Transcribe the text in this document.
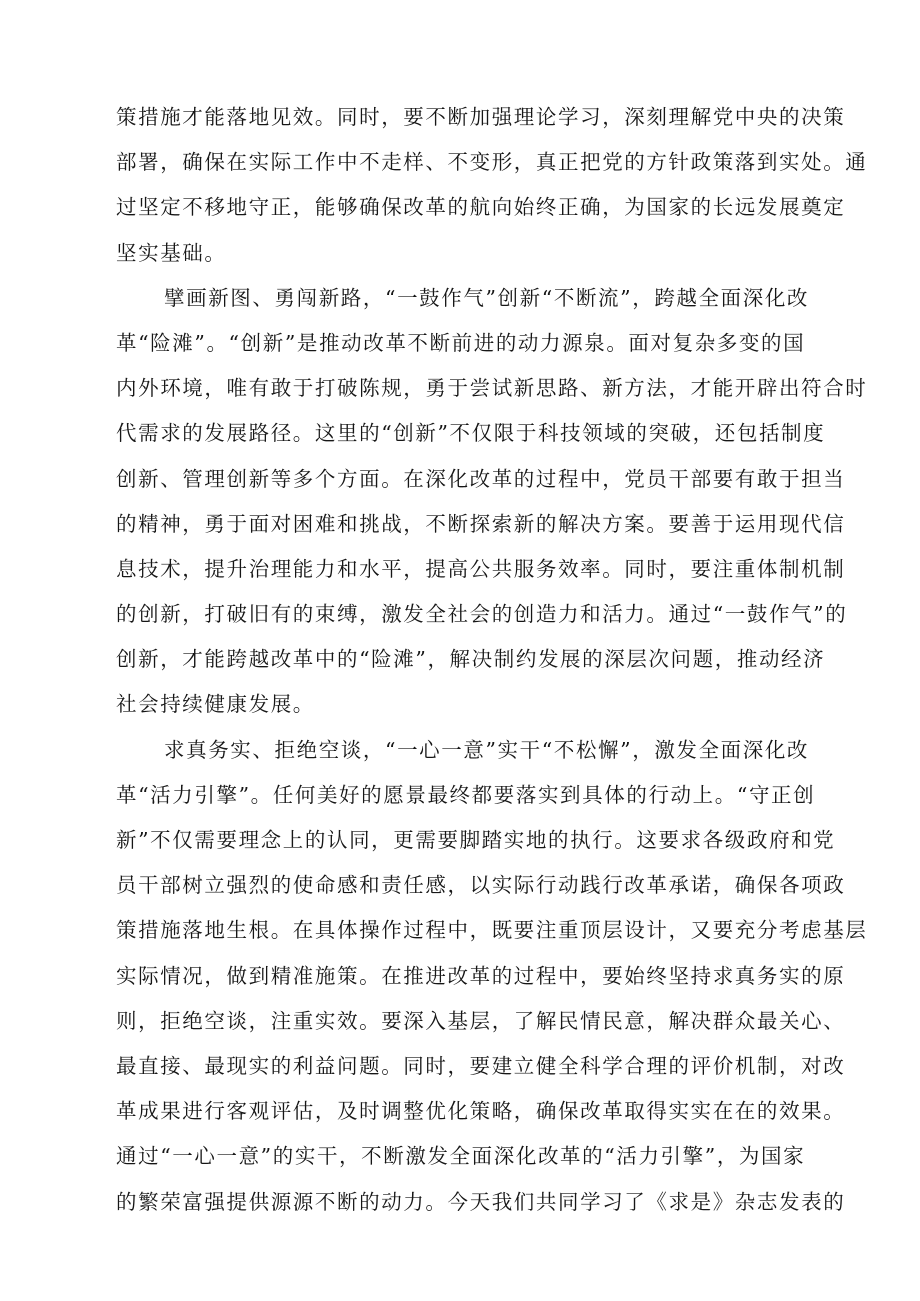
策措施才能落地见效。同时，要不断加强理论学习，深刻理解党中央的决策
部署，确保在实际工作中不走样、不变形，真正把党的方针政策落到实处。通
过坚定不移地守正，能够确保改革的航向始终正确，为国家的长远发展奠定
坚实基础。
擘画新图、勇闯新路，“一鼓作气”创新“不断流”，跨越全面深化改
革“险滩”。“创新”是推动改革不断前进的动力源泉。面对复杂多变的国
内外环境，唯有敢于打破陈规，勇于尝试新思路、新方法，才能开辟出符合时
代需求的发展路径。这里的“创新”不仅限于科技领域的突破，还包括制度
创新、管理创新等多个方面。在深化改革的过程中，党员干部要有敢于担当
的精神，勇于面对困难和挑战，不断探索新的解决方案。要善于运用现代信
息技术，提升治理能力和水平，提高公共服务效率。同时，要注重体制机制
的创新，打破旧有的束缚，激发全社会的创造力和活力。通过“一鼓作气”的
创新，才能跨越改革中的“险滩”，解决制约发展的深层次问题，推动经济
社会持续健康发展。
求真务实、拒绝空谈，“一心一意”实干“不松懈”，激发全面深化改
革“活力引擎”。任何美好的愿景最终都要落实到具体的行动上。“守正创
新”不仅需要理念上的认同，更需要脚踏实地的执行。这要求各级政府和党
员干部树立强烈的使命感和责任感，以实际行动践行改革承诺，确保各项政
策措施落地生根。在具体操作过程中，既要注重顶层设计，又要充分考虑基层
实际情况，做到精准施策。在推进改革的过程中，要始终坚持求真务实的原
则，拒绝空谈，注重实效。要深入基层，了解民情民意，解决群众最关心、
最直接、最现实的利益问题。同时，要建立健全科学合理的评价机制，对改
革成果进行客观评估，及时调整优化策略，确保改革取得实实在在的效果。
通过“一心一意”的实干，不断激发全面深化改革的“活力引擎”，为国家
的繁荣富强提供源源不断的动力。今天我们共同学习了《求是》杂志发表的
